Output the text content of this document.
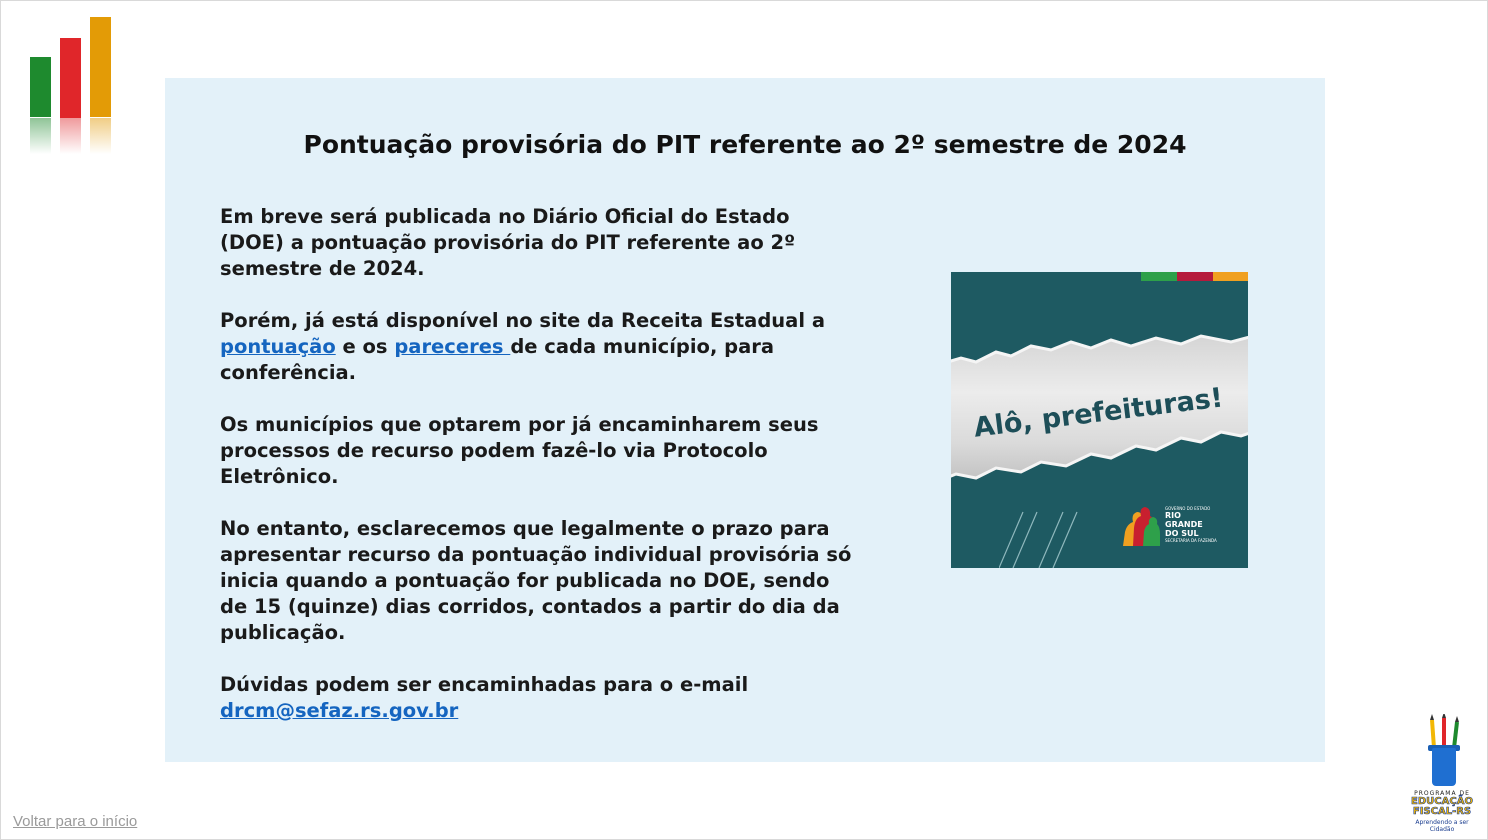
Pontuação provisória do PIT referente ao 2º semestre de 2024

Em breve será publicada no Diário Oficial do Estado (DOE) a pontuação provisória do PIT referente ao 2º semestre de 2024.

Porém, já está disponível no site da Receita Estadual a pontuação e os pareceres de cada município, para conferência.

Os municípios que optarem por já encaminharem seus processos de recurso podem fazê-lo via Protocolo Eletrônico.

No entanto, esclarecemos que legalmente o prazo para apresentar recurso da pontuação individual provisória só inicia quando a pontuação for publicada no DOE, sendo de 15 (quinze) dias corridos, contados a partir do dia da publicação.

Dúvidas podem ser encaminhadas para o e-mail drcm@sefaz.rs.gov.br

Alô, prefeituras!
GOVERNO DO ESTADO
RIO
GRANDE
DO SUL
SECRETARIA DA FAZENDA
Voltar para o início
PROGRAMA DE
EDUCAÇÃO
FISCAL-RS
Aprendendo a ser Cidadão
